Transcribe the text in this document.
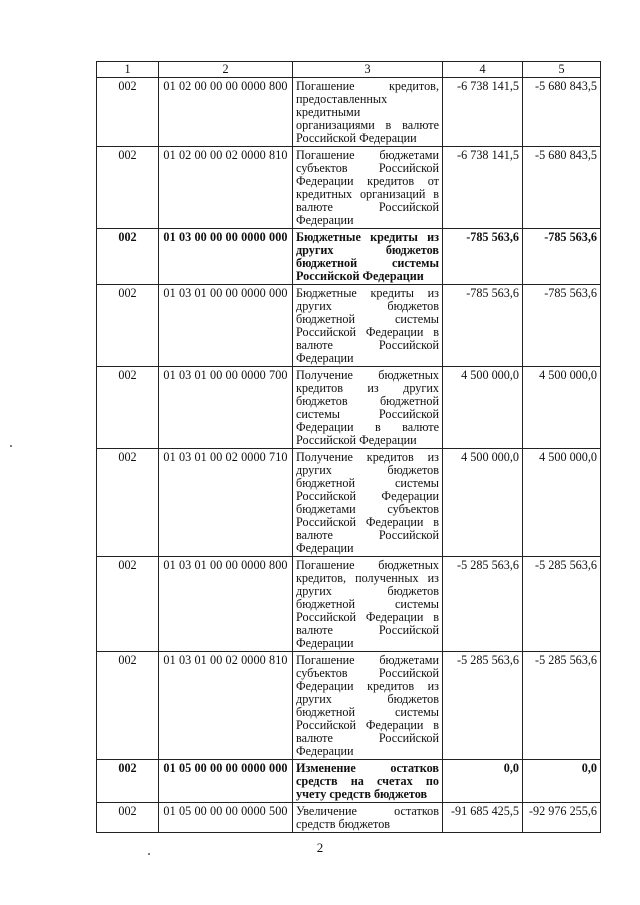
1	2	3	4	5
002	01 02 00 00 00 0000 800	Погашение кредитов, предоставленных кредитными организациями в валюте Российской Федерации	-6 738 141,5	-5 680 843,5
002	01 02 00 00 02 0000 810	Погашение бюджетами субъектов Российской Федерации кредитов от кредитных организаций в валюте Российской Федерации	-6 738 141,5	-5 680 843,5
002	01 03 00 00 00 0000 000	Бюджетные кредиты из других бюджетов бюджетной системы Российской Федерации	-785 563,6	-785 563,6
002	01 03 01 00 00 0000 000	Бюджетные кредиты из других бюджетов бюджетной системы Российской Федерации в валюте Российской Федерации	-785 563,6	-785 563,6
002	01 03 01 00 00 0000 700	Получение бюджетных кредитов из других бюджетов бюджетной системы Российской Федерации в валюте Российской Федерации	4 500 000,0	4 500 000,0
002	01 03 01 00 02 0000 710	Получение кредитов из других бюджетов бюджетной системы Российской Федерации бюджетами субъектов Российской Федерации в валюте Российской Федерации	4 500 000,0	4 500 000,0
002	01 03 01 00 00 0000 800	Погашение бюджетных кредитов, полученных из других бюджетов бюджетной системы Российской Федерации в валюте Российской Федерации	-5 285 563,6	-5 285 563,6
002	01 03 01 00 02 0000 810	Погашение бюджетами субъектов Российской Федерации кредитов из других бюджетов бюджетной системы Российской Федерации в валюте Российской Федерации	-5 285 563,6	-5 285 563,6
002	01 05 00 00 00 0000 000	Изменение остатков средств на счетах по учету средств бюджетов	0,0	0,0
002	01 05 00 00 00 0000 500	Увеличение остатков средств бюджетов	-91 685 425,5	-92 976 255,6
2
